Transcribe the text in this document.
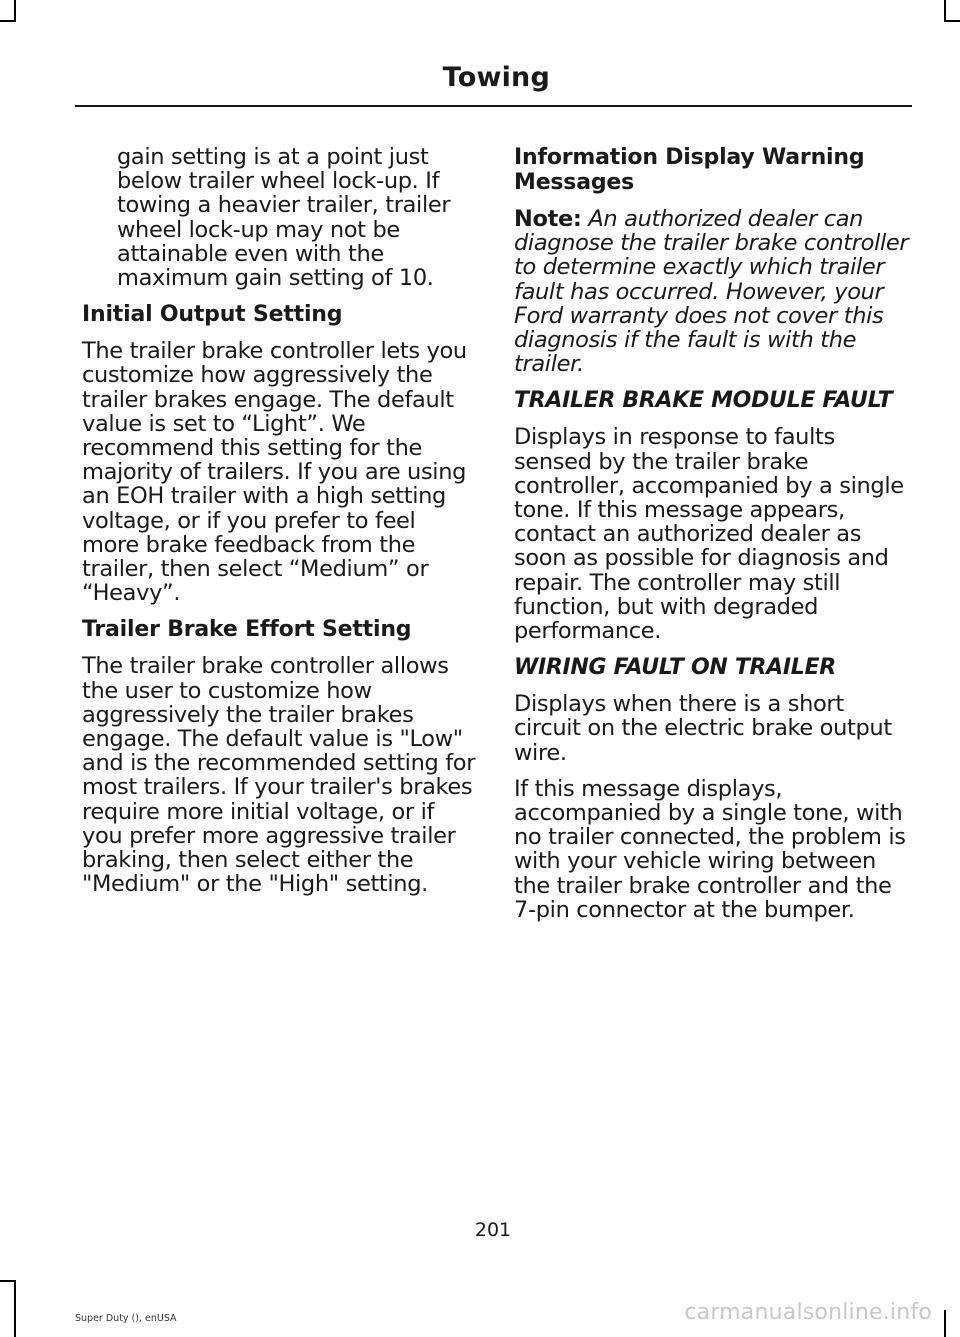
Towing

gain setting is at a point just below trailer wheel lock-up. If towing a heavier trailer, trailer wheel lock-up may not be attainable even with the maximum gain setting of 10.

Initial Output Setting

The trailer brake controller lets you customize how aggressively the trailer brakes engage. The default value is set to “Light”. We recommend this setting for the majority of trailers. If you are using an EOH trailer with a high setting voltage, or if you prefer to feel more brake feedback from the trailer, then select “Medium” or “Heavy”.

Trailer Brake Effort Setting

The trailer brake controller allows the user to customize how aggressively the trailer brakes engage. The default value is "Low" and is the recommended setting for most trailers. If your trailer's brakes require more initial voltage, or if you prefer more aggressive trailer braking, then select either the "Medium" or the "High" setting.

Information Display Warning Messages

Note: An authorized dealer can diagnose the trailer brake controller to determine exactly which trailer fault has occurred. However, your Ford warranty does not cover this diagnosis if the fault is with the trailer.

TRAILER BRAKE MODULE FAULT

Displays in response to faults sensed by the trailer brake controller, accompanied by a single tone. If this message appears, contact an authorized dealer as soon as possible for diagnosis and repair. The controller may still function, but with degraded performance.

WIRING FAULT ON TRAILER

Displays when there is a short circuit on the electric brake output wire.

If this message displays, accompanied by a single tone, with no trailer connected, the problem is with your vehicle wiring between the trailer brake controller and the 7-pin connector at the bumper.

201
Super Duty (), enUSA	carmanualsonline.info
